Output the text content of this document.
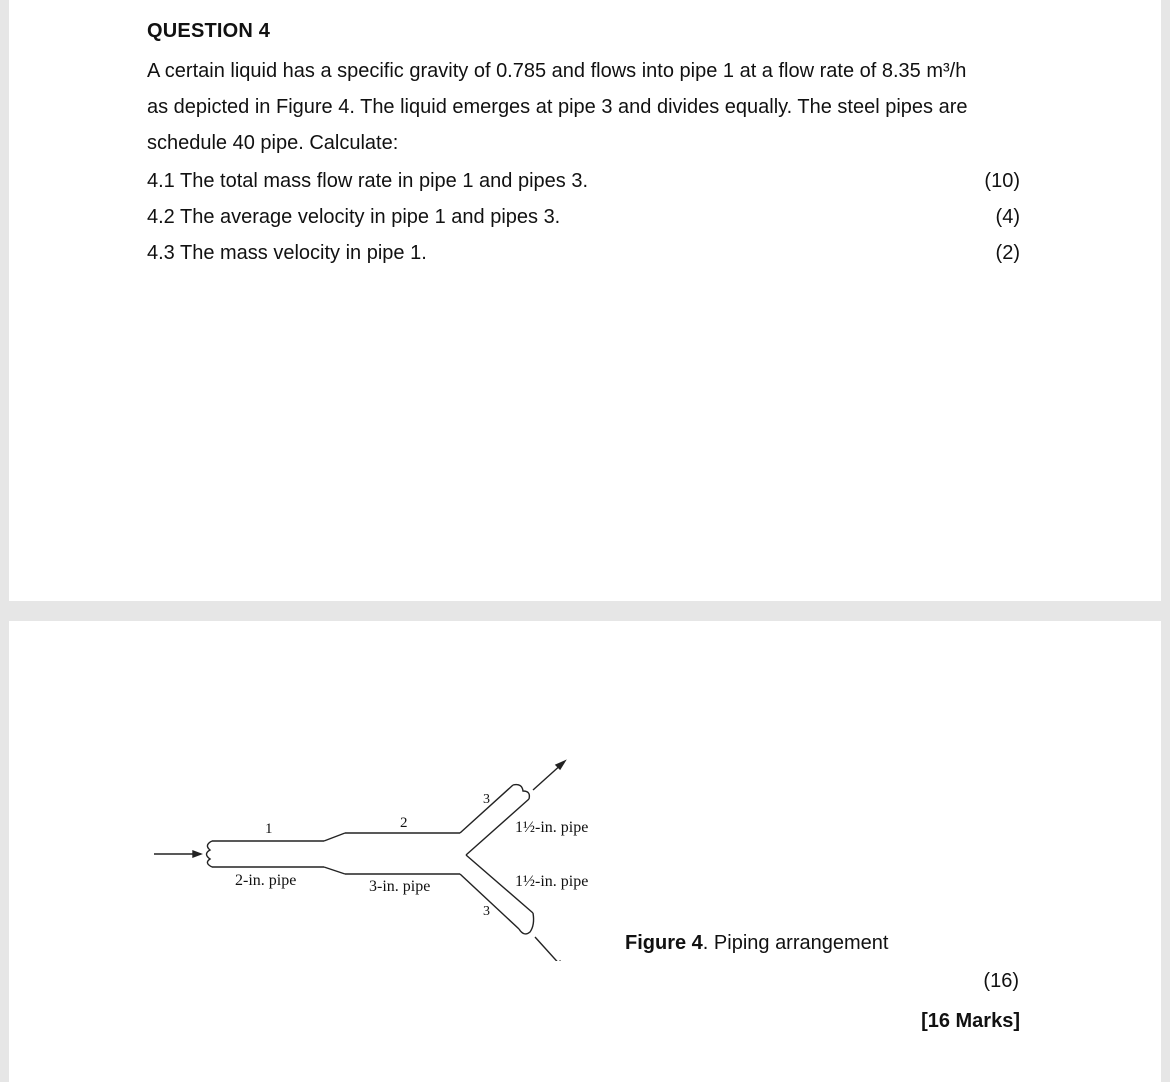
QUESTION 4
A certain liquid has a specific gravity of 0.785 and flows into pipe 1 at a flow rate of 8.35 m³/h
as depicted in Figure 4. The liquid emerges at pipe 3 and divides equally. The steel pipes are
schedule 40 pipe. Calculate:
4.1 The total mass flow rate in pipe 1 and pipes 3.	(10)
4.2 The average velocity in pipe 1 and pipes 3.	(4)
4.3 The mass velocity in pipe 1.	(2)
1	2
3
3
2-in. pipe	3-in. pipe
1½-in. pipe
1½-in. pipe
Figure 4. Piping arrangement
(16)
[16 Marks]
